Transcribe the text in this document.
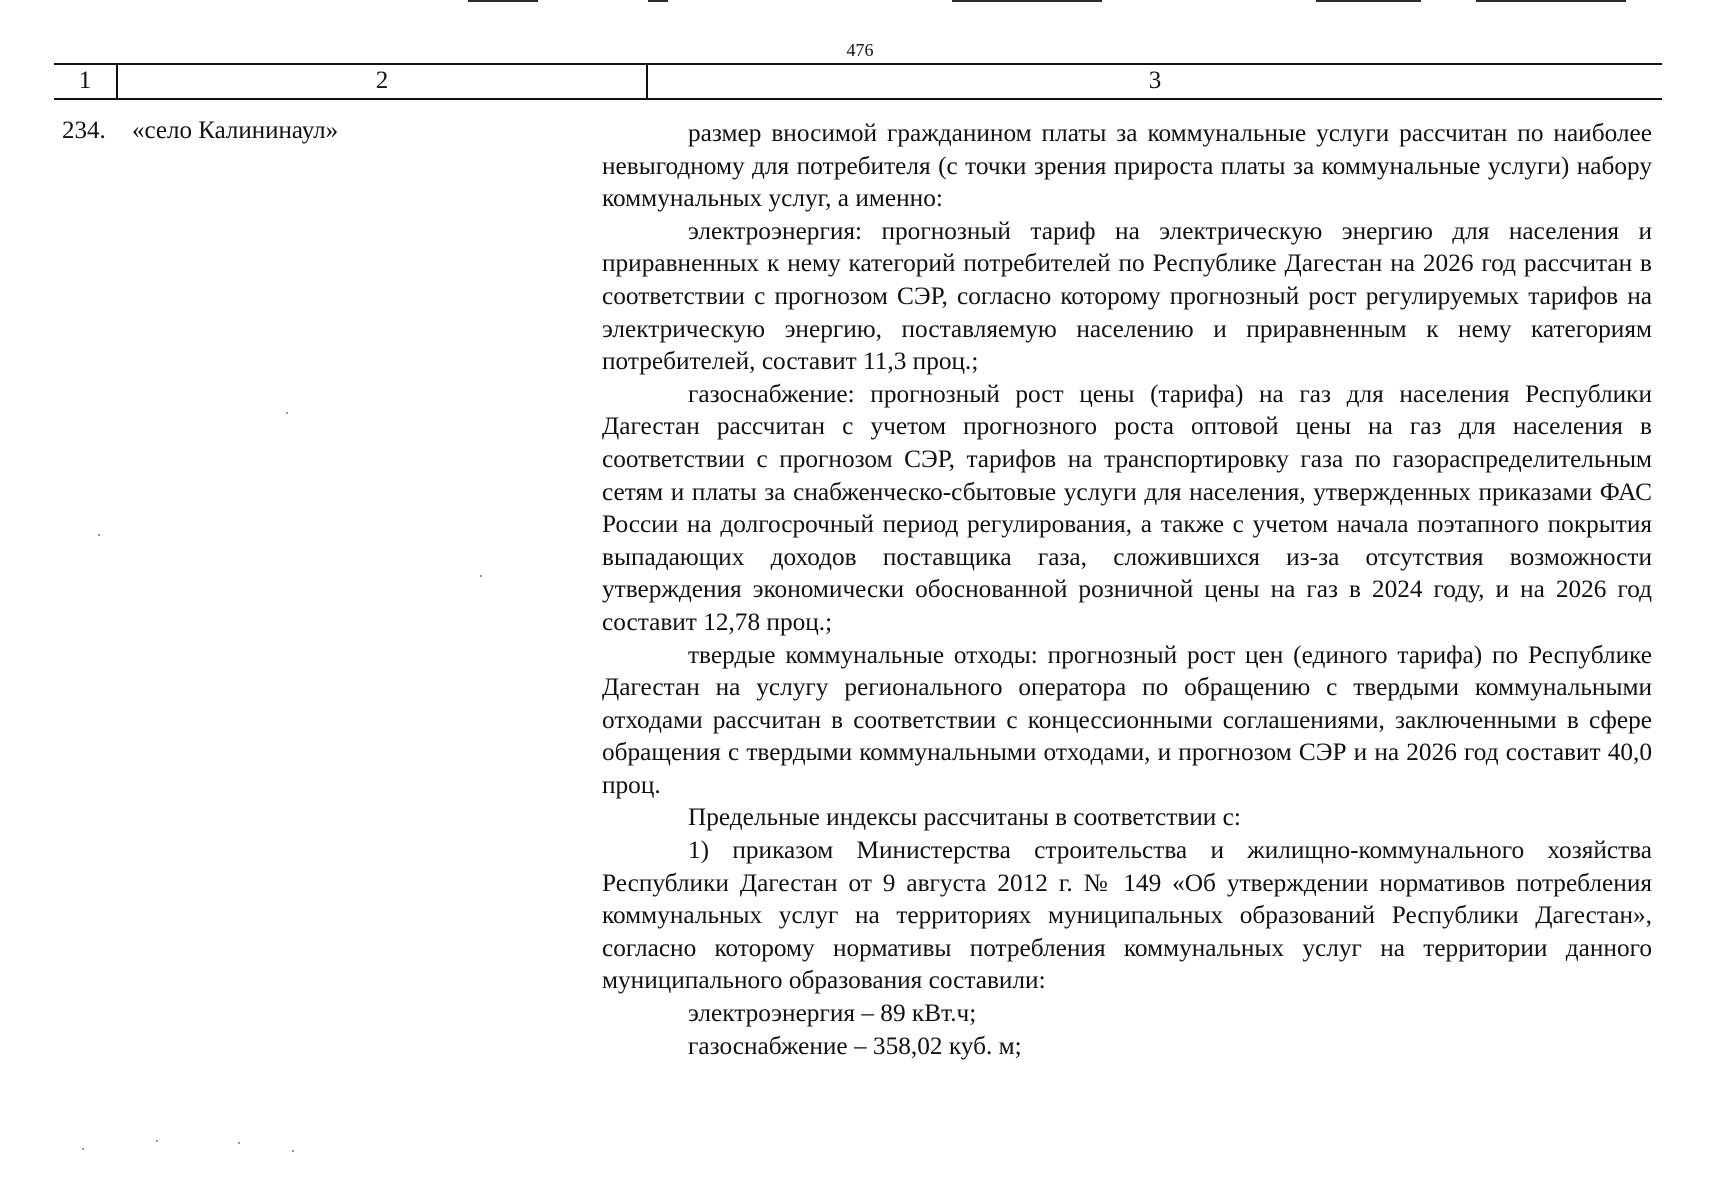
476
1	2	3
234. «село Калининаул»	размер вносимой гражданином платы за коммунальные услуги рассчитан по наиболее невыгодному для потребителя (с точки зрения прироста платы за коммунальные услуги) набору коммунальных услуг, а именно:

электроэнергия: прогнозный тариф на электрическую энергию для населения и приравненных к нему категорий потребителей по Республике Дагестан на 2026 год рассчитан в соответствии с прогнозом СЭР, согласно которому прогнозный рост регулируемых тарифов на электрическую энергию, поставляемую населению и приравненным к нему категориям потребителей, составит 11,3 проц.;

газоснабжение: прогнозный рост цены (тарифа) на газ для населения Республики Дагестан рассчитан с учетом прогнозного роста оптовой цены на газ для населения в соответствии с прогнозом СЭР, тарифов на транспортировку газа по газораспределительным сетям и платы за снабженческо-сбытовые услуги для населения, утвержденных приказами ФАС России на долгосрочный период регулирования, а также с учетом начала поэтапного покрытия выпадающих доходов поставщика газа, сложившихся из-за отсутствия возможности утверждения экономически обоснованной розничной цены на газ в 2024 году, и на 2026 год составит 12,78 проц.;

твердые коммунальные отходы: прогнозный рост цен (единого тарифа) по Республике Дагестан на услугу регионального оператора по обращению с твердыми коммунальными отходами рассчитан в соответствии с концессионными соглашениями, заключенными в сфере обращения с твердыми коммунальными отходами, и прогнозом СЭР и на 2026 год составит 40,0 проц.

Предельные индексы рассчитаны в соответствии с:

1) приказом Министерства строительства и жилищно-коммунального хозяйства Республики Дагестан от 9 августа 2012 г. № 149 «Об утверждении нормативов потребления коммунальных услуг на территориях муниципальных образований Республики Дагестан», согласно которому нормативы потребления коммунальных услуг на территории данного муниципального образования составили:

электроэнергия – 89 кВт.ч;

газоснабжение – 358,02 куб. м;
